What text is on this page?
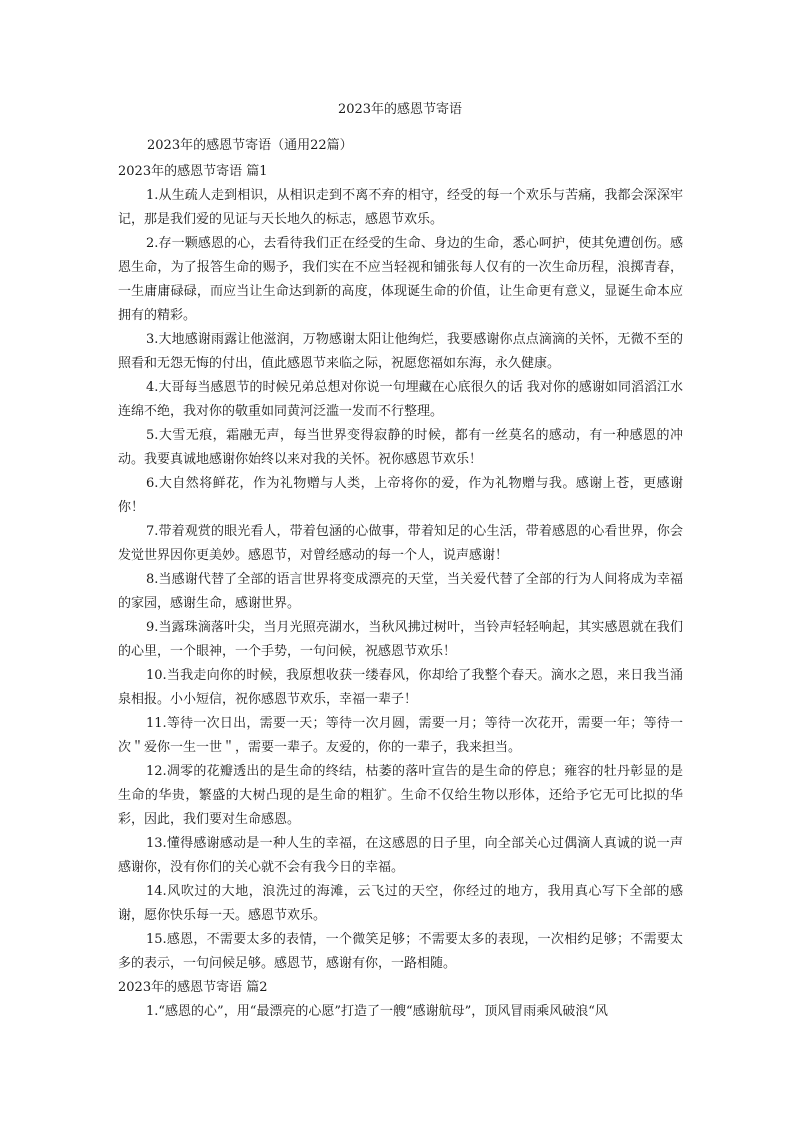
2023年的感恩节寄语
2023年的感恩节寄语（通用22篇）
2023年的感恩节寄语 篇1

1.从生疏人走到相识，从相识走到不离不弃的相守，经受的每一个欢乐与苦痛，我都会深深牢记，那是我们爱的见证与天长地久的标志，感恩节欢乐。

2.存一颗感恩的心，去看待我们正在经受的生命、身边的生命，悉心呵护，使其免遭创伤。感恩生命，为了报答生命的赐予，我们实在不应当轻视和铺张每人仅有的一次生命历程，浪掷青春，一生庸庸碌碌，而应当让生命达到新的高度，体现诞生命的价值，让生命更有意义，显诞生命本应拥有的精彩。

3.大地感谢雨露让他滋润，万物感谢太阳让他绚烂，我要感谢你点点滴滴的关怀，无微不至的照看和无怨无悔的付出，值此感恩节来临之际，祝愿您福如东海，永久健康。

4.大哥每当感恩节的时候兄弟总想对你说一句埋藏在心底很久的话 我对你的感谢如同滔滔江水连绵不绝，我对你的敬重如同黄河泛滥一发而不行整理。

5.大雪无痕，霜融无声，每当世界变得寂静的时候，都有一丝莫名的感动，有一种感恩的冲动。我要真诚地感谢你始终以来对我的关怀。祝你感恩节欢乐！

6.大自然将鲜花，作为礼物赠与人类，上帝将你的爱，作为礼物赠与我。感谢上苍，更感谢你！

7.带着观赏的眼光看人，带着包涵的心做事，带着知足的心生活，带着感恩的心看世界，你会发觉世界因你更美妙。感恩节，对曾经感动的每一个人，说声感谢！

8.当感谢代替了全部的语言世界将变成漂亮的天堂，当关爱代替了全部的行为人间将成为幸福的家园，感谢生命，感谢世界。

9.当露珠滴落叶尖，当月光照亮湖水，当秋风拂过树叶，当铃声轻轻响起，其实感恩就在我们的心里，一个眼神，一个手势，一句问候，祝感恩节欢乐！

10.当我走向你的时候，我原想收获一缕春风，你却给了我整个春天。滴水之恩，来日我当涌泉相报。小小短信，祝你感恩节欢乐，幸福一辈子！

11.等待一次日出，需要一天；等待一次月圆，需要一月；等待一次花开，需要一年；等待一次＂爱你一生一世＂，需要一辈子。友爱的，你的一辈子，我来担当。

12.凋零的花瓣透出的是生命的终结，枯萎的落叶宣告的是生命的停息；雍容的牡丹彰显的是生命的华贵，繁盛的大树凸现的是生命的粗犷。生命不仅给生物以形体，还给予它无可比拟的华彩，因此，我们要对生命感恩。

13.懂得感谢感动是一种人生的幸福，在这感恩的日子里，向全部关心过偶滴人真诚的说一声感谢你，没有你们的关心就不会有我今日的幸福。

14.风吹过的大地，浪洗过的海滩，云飞过的天空，你经过的地方，我用真心写下全部的感谢，愿你快乐每一天。感恩节欢乐。

15.感恩，不需要太多的表情，一个微笑足够；不需要太多的表现，一次相约足够；不需要太多的表示，一句问候足够。感恩节，感谢有你，一路相随。

2023年的感恩节寄语 篇2

1.“感恩的心”，用“最漂亮的心愿”打造了一艘“感谢航母”，顶风冒雨乘风破浪“风
